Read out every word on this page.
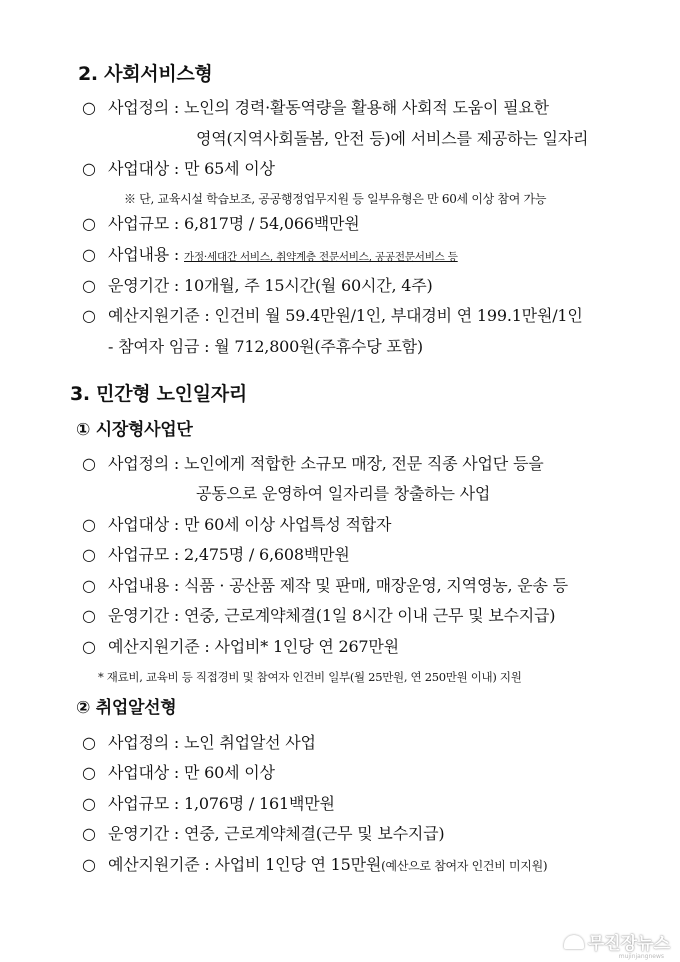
2. 사회서비스형
○ 사업정의 : 노인의 경력·활동역량을 활용해 사회적 도움이 필요한
영역(지역사회돌봄, 안전 등)에 서비스를 제공하는 일자리
○ 사업대상 : 만 65세 이상
※ 단, 교육시설 학습보조, 공공행정업무지원 등 일부유형은 만 60세 이상 참여 가능
○ 사업규모 : 6,817명 / 54,066백만원
○ 사업내용 : 가정·세대간 서비스, 취약계층 전문서비스, 공공전문서비스 등
○ 운영기간 : 10개월, 주 15시간(월 60시간, 4주)
○ 예산지원기준 : 인건비 월 59.4만원/1인, 부대경비 연 199.1만원/1인
- 참여자 임금 : 월 712,800원(주휴수당 포함)
3. 민간형 노인일자리
① 시장형사업단
○ 사업정의 : 노인에게 적합한 소규모 매장, 전문 직종 사업단 등을
공동으로 운영하여 일자리를 창출하는 사업
○ 사업대상 : 만 60세 이상 사업특성 적합자
○ 사업규모 : 2,475명 / 6,608백만원
○ 사업내용 : 식품 · 공산품 제작 및 판매, 매장운영, 지역영농, 운송 등
○ 운영기간 : 연중, 근로계약체결(1일 8시간 이내 근무 및 보수지급)
○ 예산지원기준 : 사업비* 1인당 연 267만원
* 재료비, 교육비 등 직접경비 및 참여자 인건비 일부(월 25만원, 연 250만원 이내) 지원
② 취업알선형
○ 사업정의 : 노인 취업알선 사업
○ 사업대상 : 만 60세 이상
○ 사업규모 : 1,076명 / 161백만원
○ 운영기간 : 연중, 근로계약체결(근무 및 보수지급)
○ 예산지원기준 : 사업비 1인당 연 15만원(예산으로 참여자 인건비 미지원)
무진장뉴스
mujinjangnews
